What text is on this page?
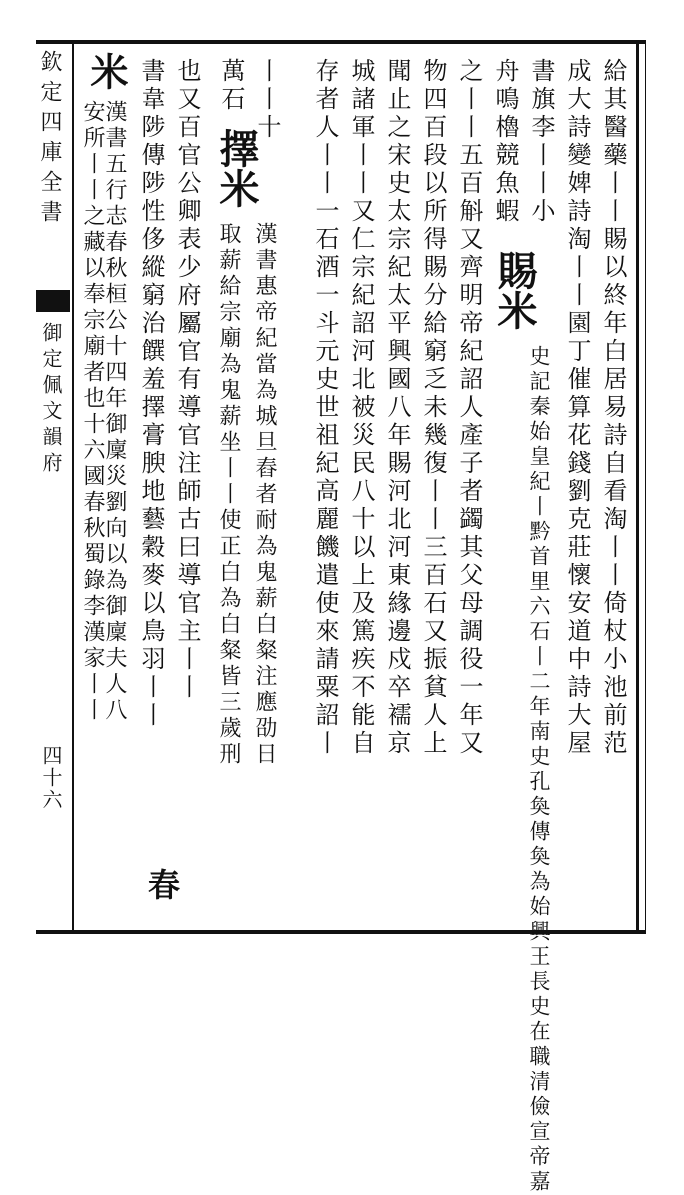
欽定四庫全書
御定佩文韻府
四十六
給其醫藥丨丨賜以終年白居易詩自看淘丨丨倚杖小池前范
成大詩變婢詩淘丨丨園丁催算花錢劉克莊懷安道中詩大屋
書旗李丨丨小
舟鳴櫓競魚蝦
賜米
史記秦始皇紀丨黔首里六石丨二年南史孔奐傳奐為始興王長史在職清儉宣帝嘉
之丨丨五百斛又齊明帝紀詔人產子者蠲其父母調役一年又
物四百段以所得賜分給窮乏未幾復丨丨三百石又振貧人上
聞止之宋史太宗紀太平興國八年賜河北河東緣邊戍卒襦京
城諸軍丨丨又仁宗紀詔河北被災民八十以上及篤疾不能自
存者人丨丨一石酒一斗元史世祖紀高麗饑遣使來請粟詔丨
丨丨十
萬石
擇米
漢書惠帝紀當為城旦舂者耐為鬼薪白粲注應劭日
取薪給宗廟為鬼薪坐丨丨使正白為白粲皆三歲刑
也又百官公卿表少府屬官有導官注師古曰導官主丨丨
書韋陟傳陟性侈縱窮治饌羞擇膏腴地藝穀麥以鳥羽丨丨
春
米
漢書五行志春秋桓公十四年御廩災劉向以為御廩夫人八
安所丨丨之藏以奉宗廟者也十六國春秋蜀錄李漢家丨丨
